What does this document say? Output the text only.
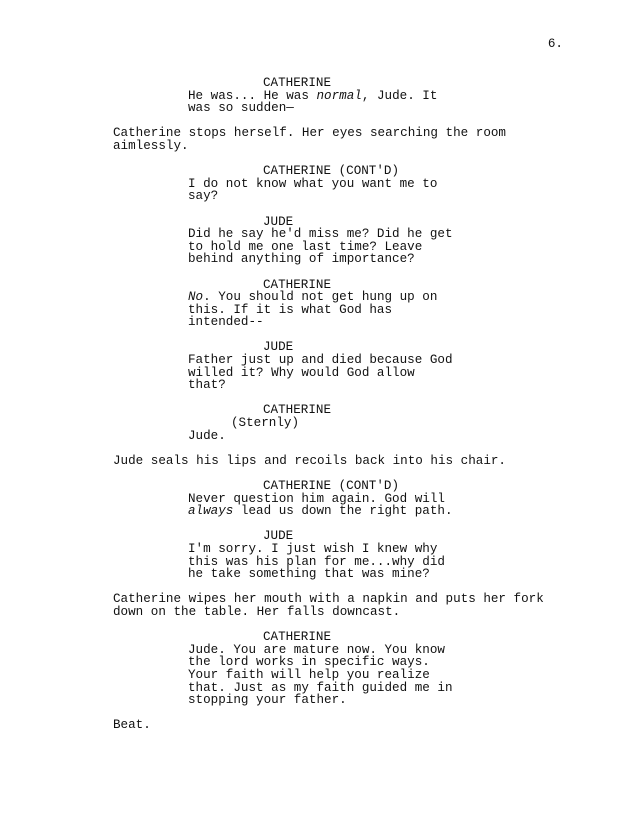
6.

CATHERINE

He was... He was normal, Jude. It

was so sudden—

Catherine stops herself. Her eyes searching the room

aimlessly.

CATHERINE (CONT'D)

I do not know what you want me to

say?

JUDE

Did he say he'd miss me? Did he get

to hold me one last time? Leave

behind anything of importance?

CATHERINE

No. You should not get hung up on

this. If it is what God has

intended--

JUDE

Father just up and died because God

willed it? Why would God allow

that?

CATHERINE

(Sternly)

Jude.

Jude seals his lips and recoils back into his chair.

CATHERINE (CONT'D)

Never question him again. God will

always lead us down the right path.

JUDE

I'm sorry. I just wish I knew why

this was his plan for me...why did

he take something that was mine?

Catherine wipes her mouth with a napkin and puts her fork

down on the table. Her falls downcast.

CATHERINE

Jude. You are mature now. You know

the lord works in specific ways.

Your faith will help you realize

that. Just as my faith guided me in

stopping your father.

Beat.
